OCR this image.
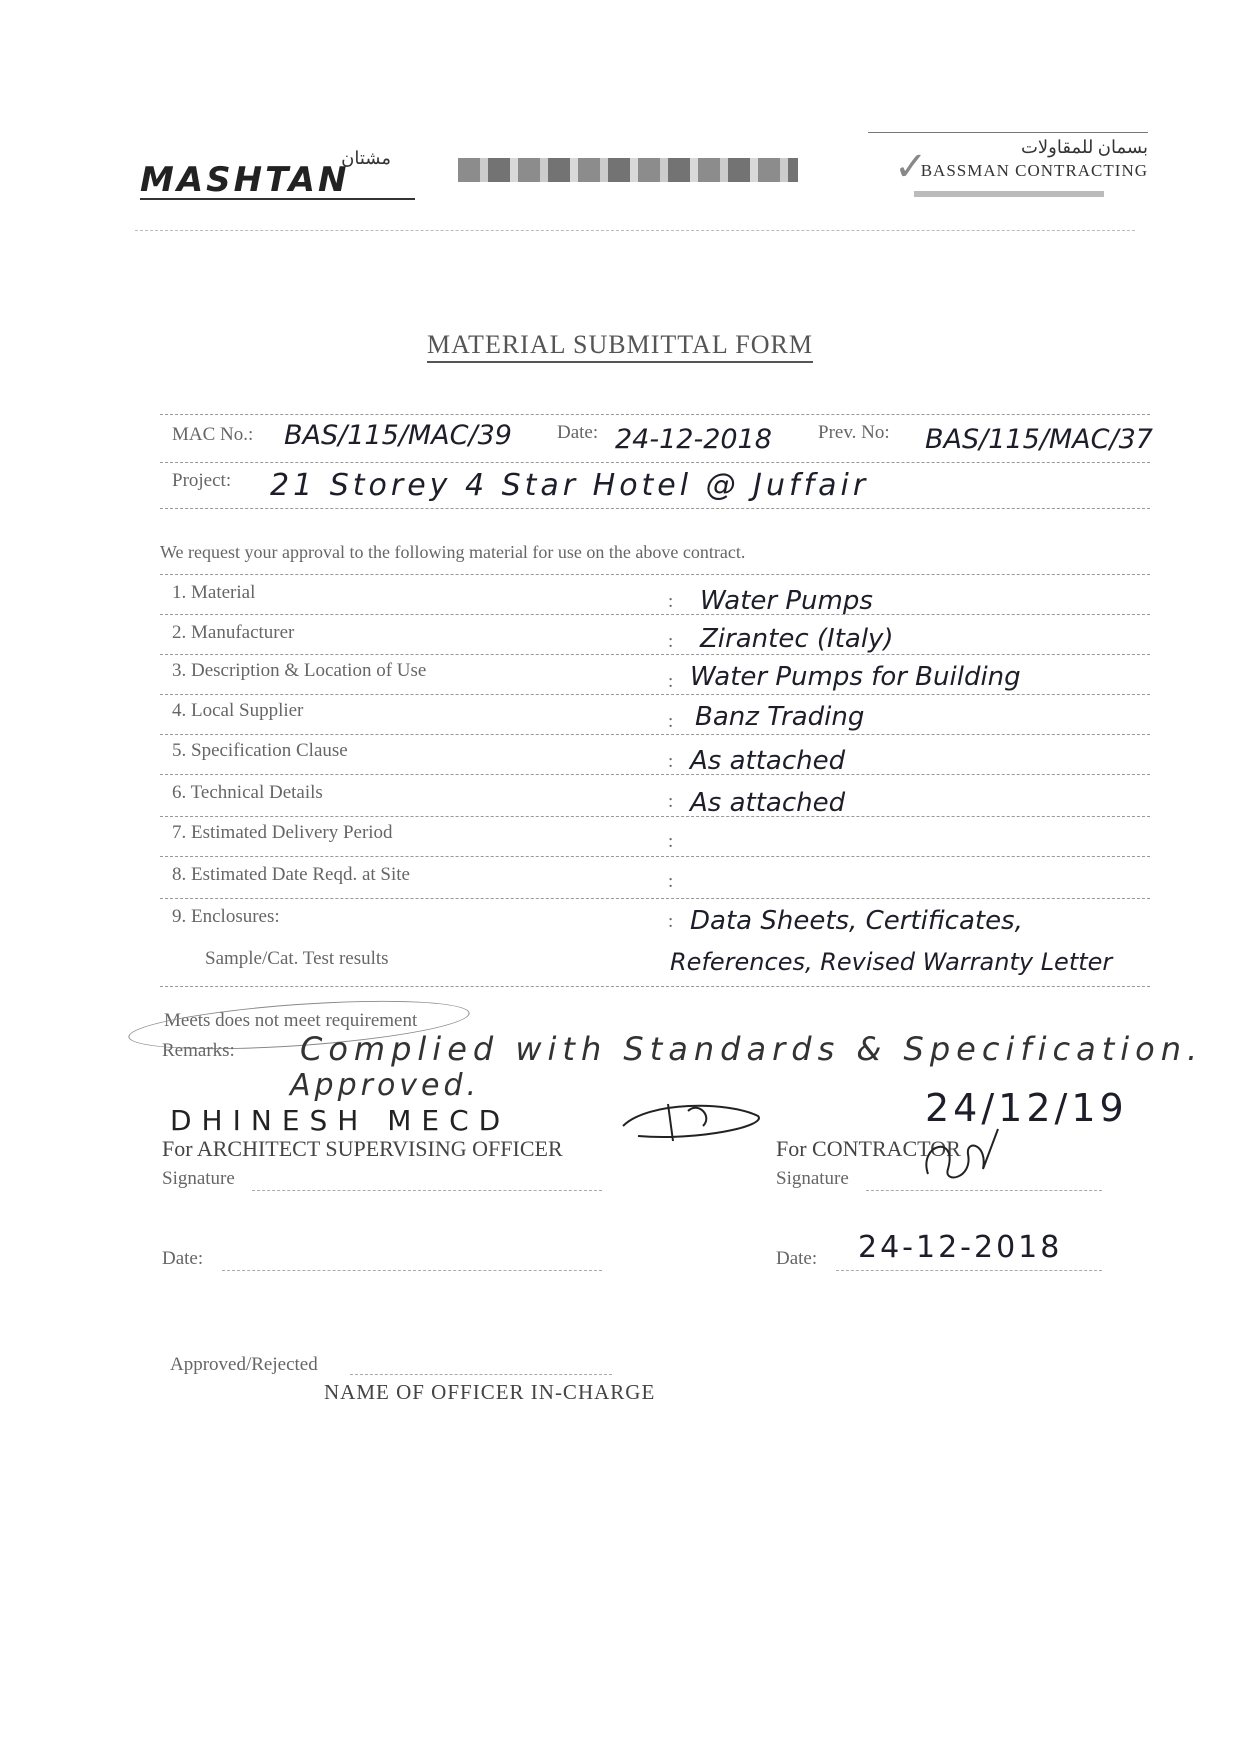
مشتان
MASHTAN	✓	بسمان للمقاولات
BASSMAN CONTRACTING
MATERIAL SUBMITTAL FORM
MAC No.: BAS/115/MAC/39 Date: 24-12-2018 Prev. No: BAS/115/MAC/37
Project: 21 Storey 4 Star Hotel @ Juffair
We request your approval to the following material for use on the above contract.
1. Material	Water Pumps
2. Manufacturer	Zirantec (Italy)
3. Description & Location of Use	Water Pumps for Building
4. Local Supplier	Banz Trading
5. Specification Clause	As attached
6. Technical Details	As attached
7. Estimated Delivery Period
8. Estimated Date Reqd. at Site
9. Enclosures:	Data Sheets, Certificates,
Sample/Cat. Test results	References, Revised Warranty Letter
:
:
:
:
:
:
:
:
:
Meets does not meet requirement
Remarks: Complied with Standards & Specification.
Approved.
DHINESH MECD
For ARCHITECT SUPERVISING OFFICER
Signature
Date:
24/12/19
For CONTRACTOR
Signature
Date: 24-12-2018
Approved/Rejected
NAME OF OFFICER IN-CHARGE
